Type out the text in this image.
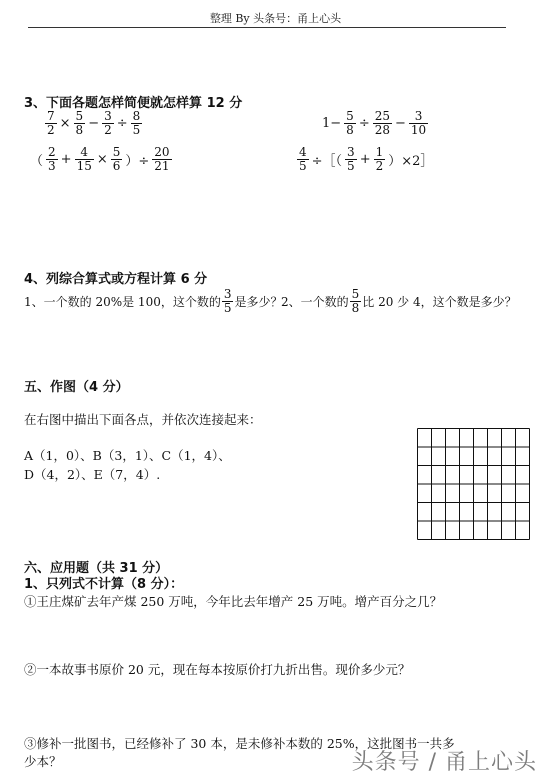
整理 By 头条号：甬上心头
3、下面各题怎样简便就怎样算 12 分
$\frac{7}{2} \times \frac{5}{8} - \frac{3}{2} \div \frac{8}{5}$	$1- \frac{5}{8} \div \frac{25}{28} - \frac{3}{10}$
（ $\frac{2}{3} + \frac{4}{15} \times \frac{5}{6}$ ）÷ $\frac{20}{21}$	$\frac{4}{5}$ ÷［（ $\frac{3}{5} + \frac{1}{2}$ ）×2］
4、列综合算式或方程计算 6 分
1、一个数的 20%是 100，这个数的 $\frac{3}{5}$ 是多少？
2、一个数的 $\frac{5}{8}$ 比 20 少 4，这个数是多少？
五、作图（4 分）
在右图中描出下面各点，并依次连接起来：
A（1，0）、B（3，1）、C（1，4）、
D（4，2）、E（7，4）.
六、应用题（共 31 分）
1、只列式不计算（8 分）：
①王庄煤矿去年产煤 250 万吨，今年比去年增产 25 万吨。增产百分之几？
②一本故事书原价 20 元，现在每本按原价打九折出售。现价多少元？
③修补一批图书，已经修补了 30 本，是未修补本数的 25%，这批图书一共多
少本？	头条号 / 甬上心头
